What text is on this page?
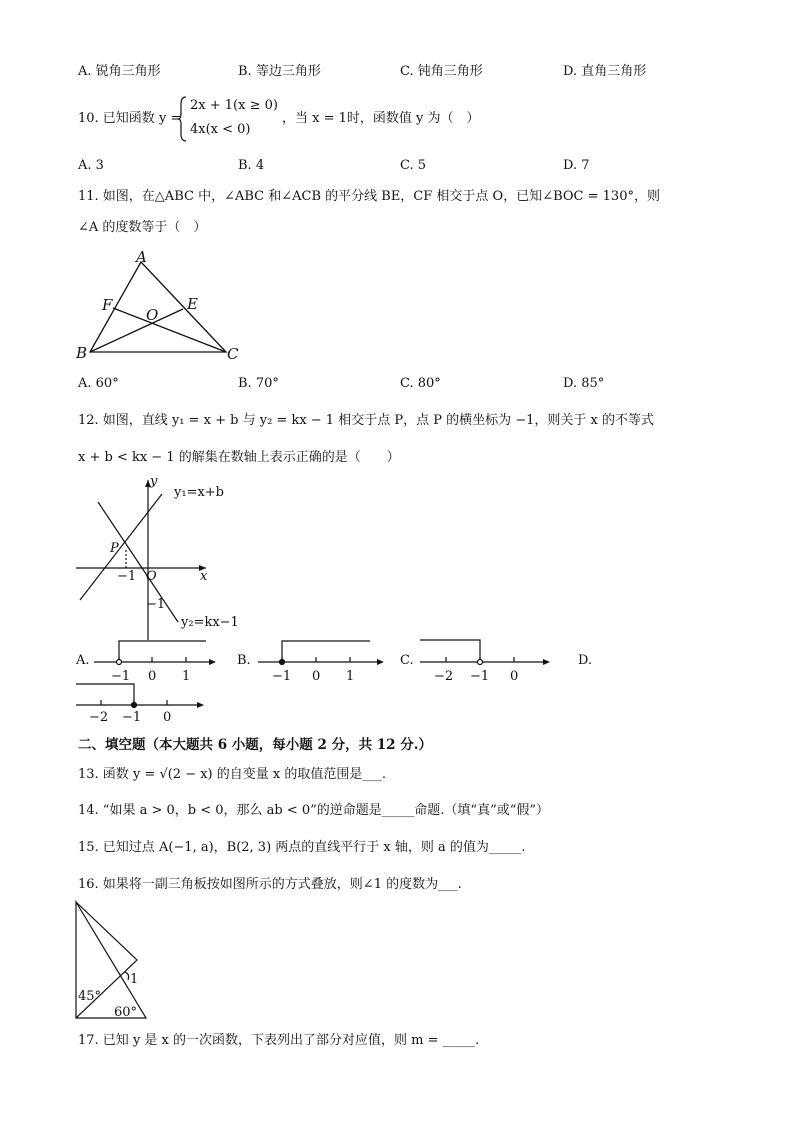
A. 锐角三角形	B. 等边三角形	C. 钝角三角形	D. 直角三角形
10. 已知函数 y =
2x + 1(x ≥ 0)
4x(x < 0)
，当 x = 1时，函数值 y 为（　）
A. 3	B. 4	C. 5	D. 7
11. 如图，在△ABC 中，∠ABC 和∠ACB 的平分线 BE，CF 相交于点 O，已知∠BOC = 130°，则
∠A 的度数等于（　）
A
B	C
E
F
O
A. 60°	B. 70°	C. 80°	D. 85°
12. 如图，直线 y₁ = x + b 与 y₂ = kx − 1 相交于点 P，点 P 的横坐标为 −1，则关于 x 的不等式
x + b < kx − 1 的解集在数轴上表示正确的是（　　）
y
x
O
P
−1
−1
y₁=x+b
y₂=kx−1
A.	B.	C.	D.
−1 0 1	−1 0 1	−2 −1 0
−2 −1 0
二、填空题（本大题共 6 小题，每小题 2 分，共 12 分.）
13. 函数 y = √(2 − x) 的自变量 x 的取值范围是___.
14. “如果 a > 0，b < 0，那么 ab < 0”的逆命题是_____命题.（填“真”或“假”）
15. 已知过点 A(−1, a)，B(2, 3) 两点的直线平行于 x 轴，则 a 的值为_____.
16. 如果将一副三角板按如图所示的方式叠放，则∠1 的度数为___.
1
45°
60°
17. 已知 y 是 x 的一次函数，下表列出了部分对应值，则 m = _____.
